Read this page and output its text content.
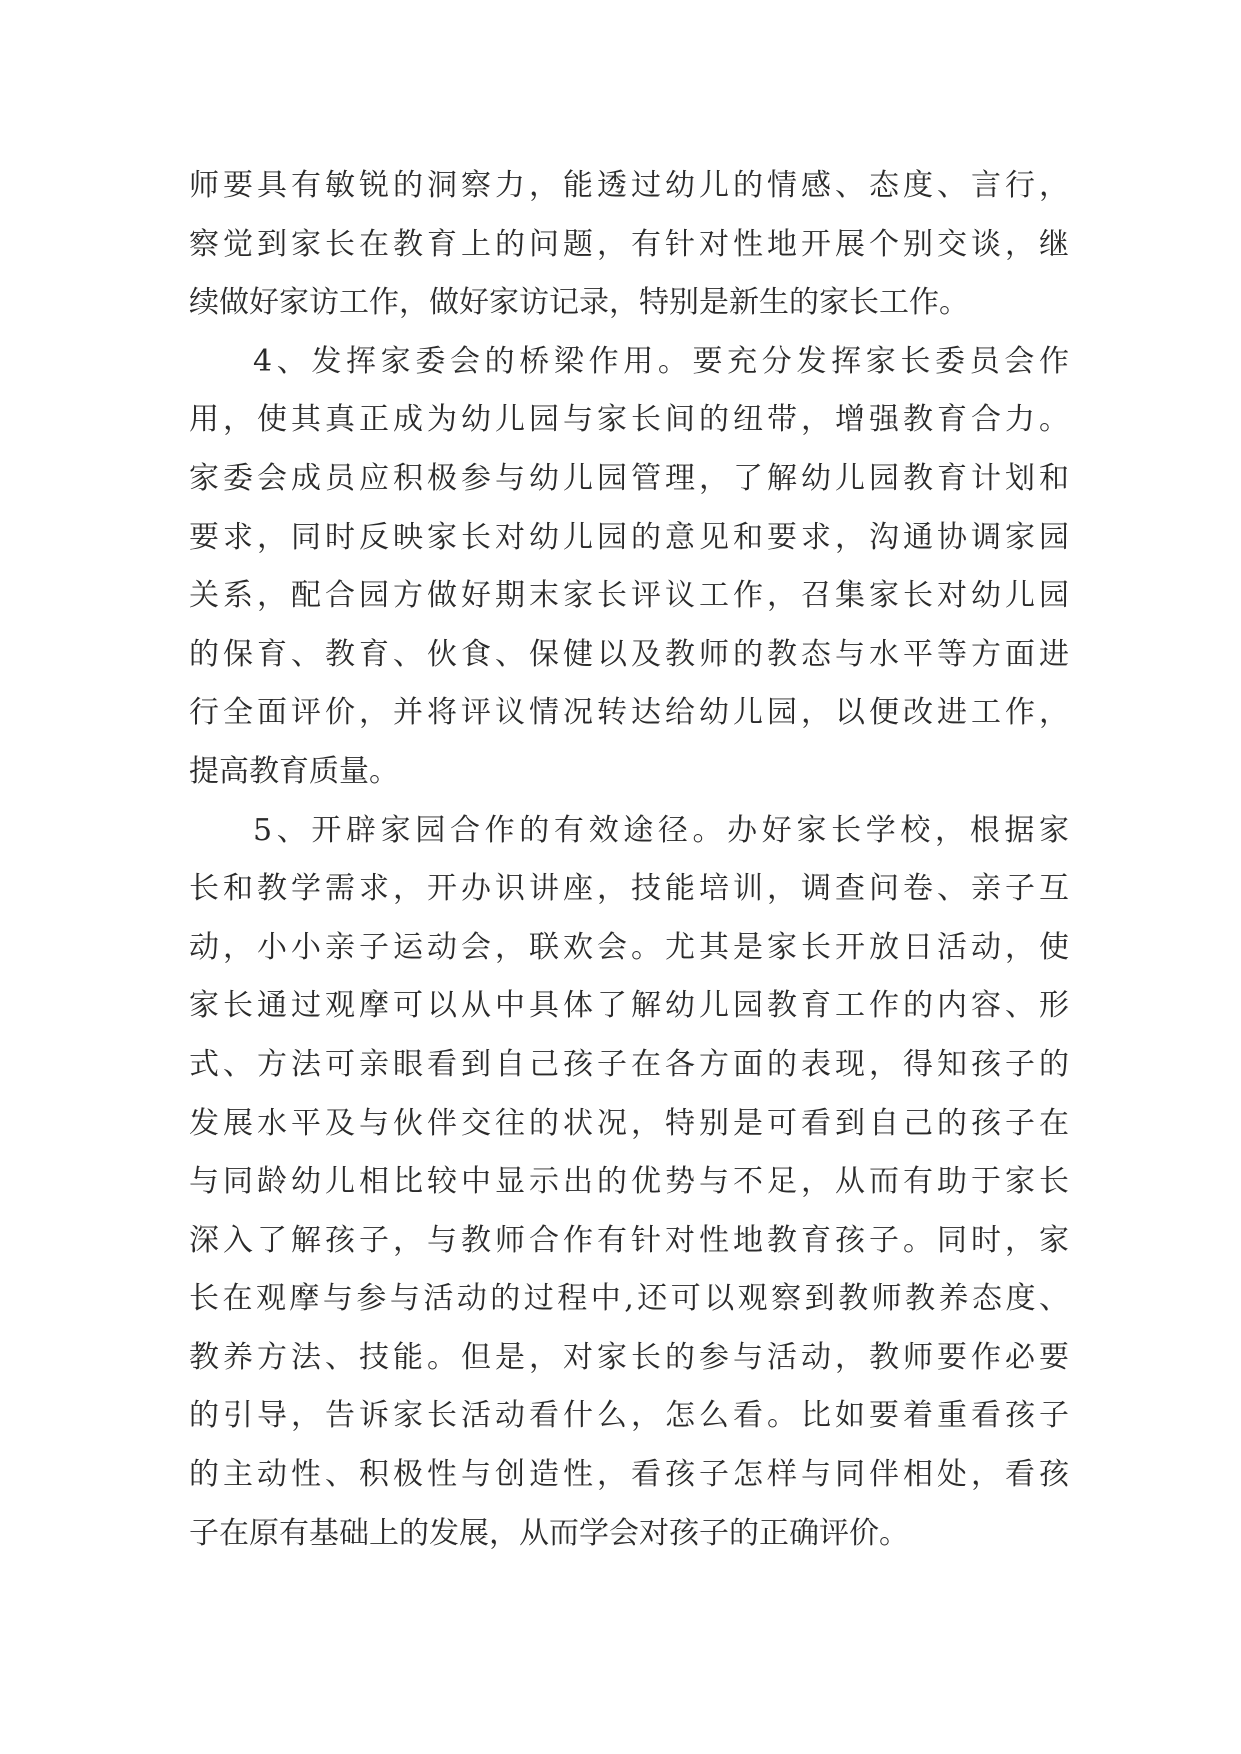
师要具有敏锐的洞察力，能透过幼儿的情感、态度、言行，
察觉到家长在教育上的问题，有针对性地开展个别交谈，继
续做好家访工作，做好家访记录，特别是新生的家长工作。
4、发挥家委会的桥梁作用。要充分发挥家长委员会作
用，使其真正成为幼儿园与家长间的纽带，增强教育合力。
家委会成员应积极参与幼儿园管理，了解幼儿园教育计划和
要求，同时反映家长对幼儿园的意见和要求，沟通协调家园
关系，配合园方做好期末家长评议工作，召集家长对幼儿园
的保育、教育、伙食、保健以及教师的教态与水平等方面进
行全面评价，并将评议情况转达给幼儿园，以便改进工作，
提高教育质量。
5、开辟家园合作的有效途径。办好家长学校，根据家
长和教学需求，开办识讲座，技能培训，调查问卷、亲子互
动，小小亲子运动会，联欢会。尤其是家长开放日活动，使
家长通过观摩可以从中具体了解幼儿园教育工作的内容、形
式、方法可亲眼看到自己孩子在各方面的表现，得知孩子的
发展水平及与伙伴交往的状况，特别是可看到自己的孩子在
与同龄幼儿相比较中显示出的优势与不足，从而有助于家长
深入了解孩子，与教师合作有针对性地教育孩子。同时，家
长在观摩与参与活动的过程中,还可以观察到教师教养态度、
教养方法、技能。但是，对家长的参与活动，教师要作必要
的引导，告诉家长活动看什么，怎么看。比如要着重看孩子
的主动性、积极性与创造性，看孩子怎样与同伴相处，看孩
子在原有基础上的发展，从而学会对孩子的正确评价。
